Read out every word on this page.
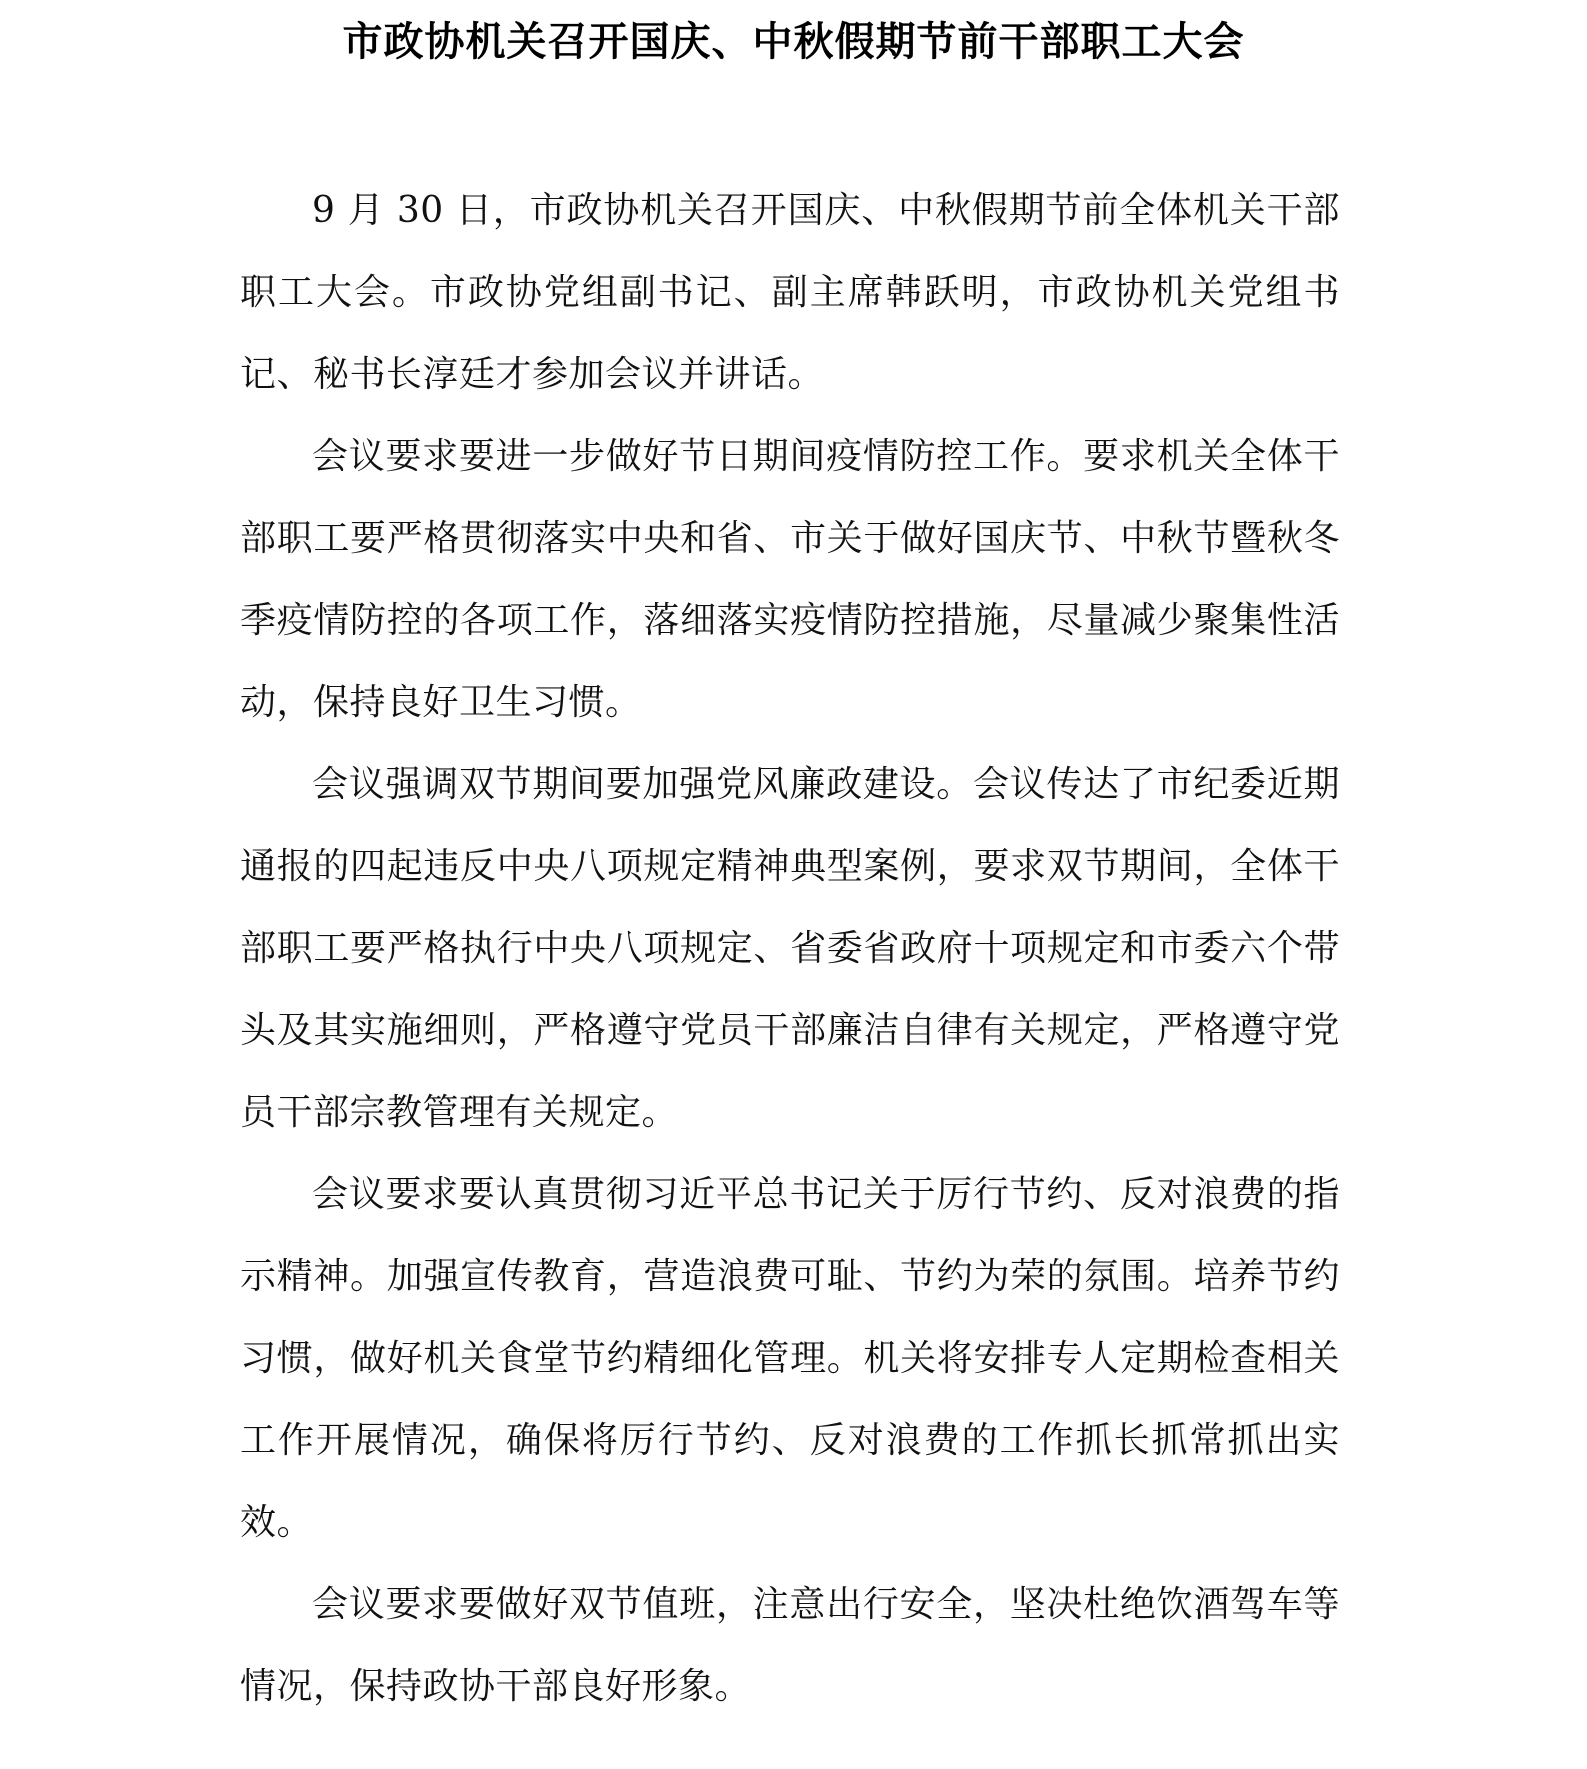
市政协机关召开国庆、中秋假期节前干部职工大会

9 月 30 日，市政协机关召开国庆、中秋假期节前全体机关干部职工大会。市政协党组副书记、副主席韩跃明，市政协机关党组书记、秘书长淳廷才参加会议并讲话。

会议要求要进一步做好节日期间疫情防控工作。要求机关全体干部职工要严格贯彻落实中央和省、市关于做好国庆节、中秋节暨秋冬季疫情防控的各项工作，落细落实疫情防控措施，尽量减少聚集性活动，保持良好卫生习惯。

会议强调双节期间要加强党风廉政建设。会议传达了市纪委近期通报的四起违反中央八项规定精神典型案例，要求双节期间，全体干部职工要严格执行中央八项规定、省委省政府十项规定和市委六个带头及其实施细则，严格遵守党员干部廉洁自律有关规定，严格遵守党员干部宗教管理有关规定。

会议要求要认真贯彻习近平总书记关于厉行节约、反对浪费的指示精神。加强宣传教育，营造浪费可耻、节约为荣的氛围。培养节约习惯，做好机关食堂节约精细化管理。机关将安排专人定期检查相关工作开展情况，确保将厉行节约、反对浪费的工作抓长抓常抓出实效。

会议要求要做好双节值班，注意出行安全，坚决杜绝饮酒驾车等情况，保持政协干部良好形象。
